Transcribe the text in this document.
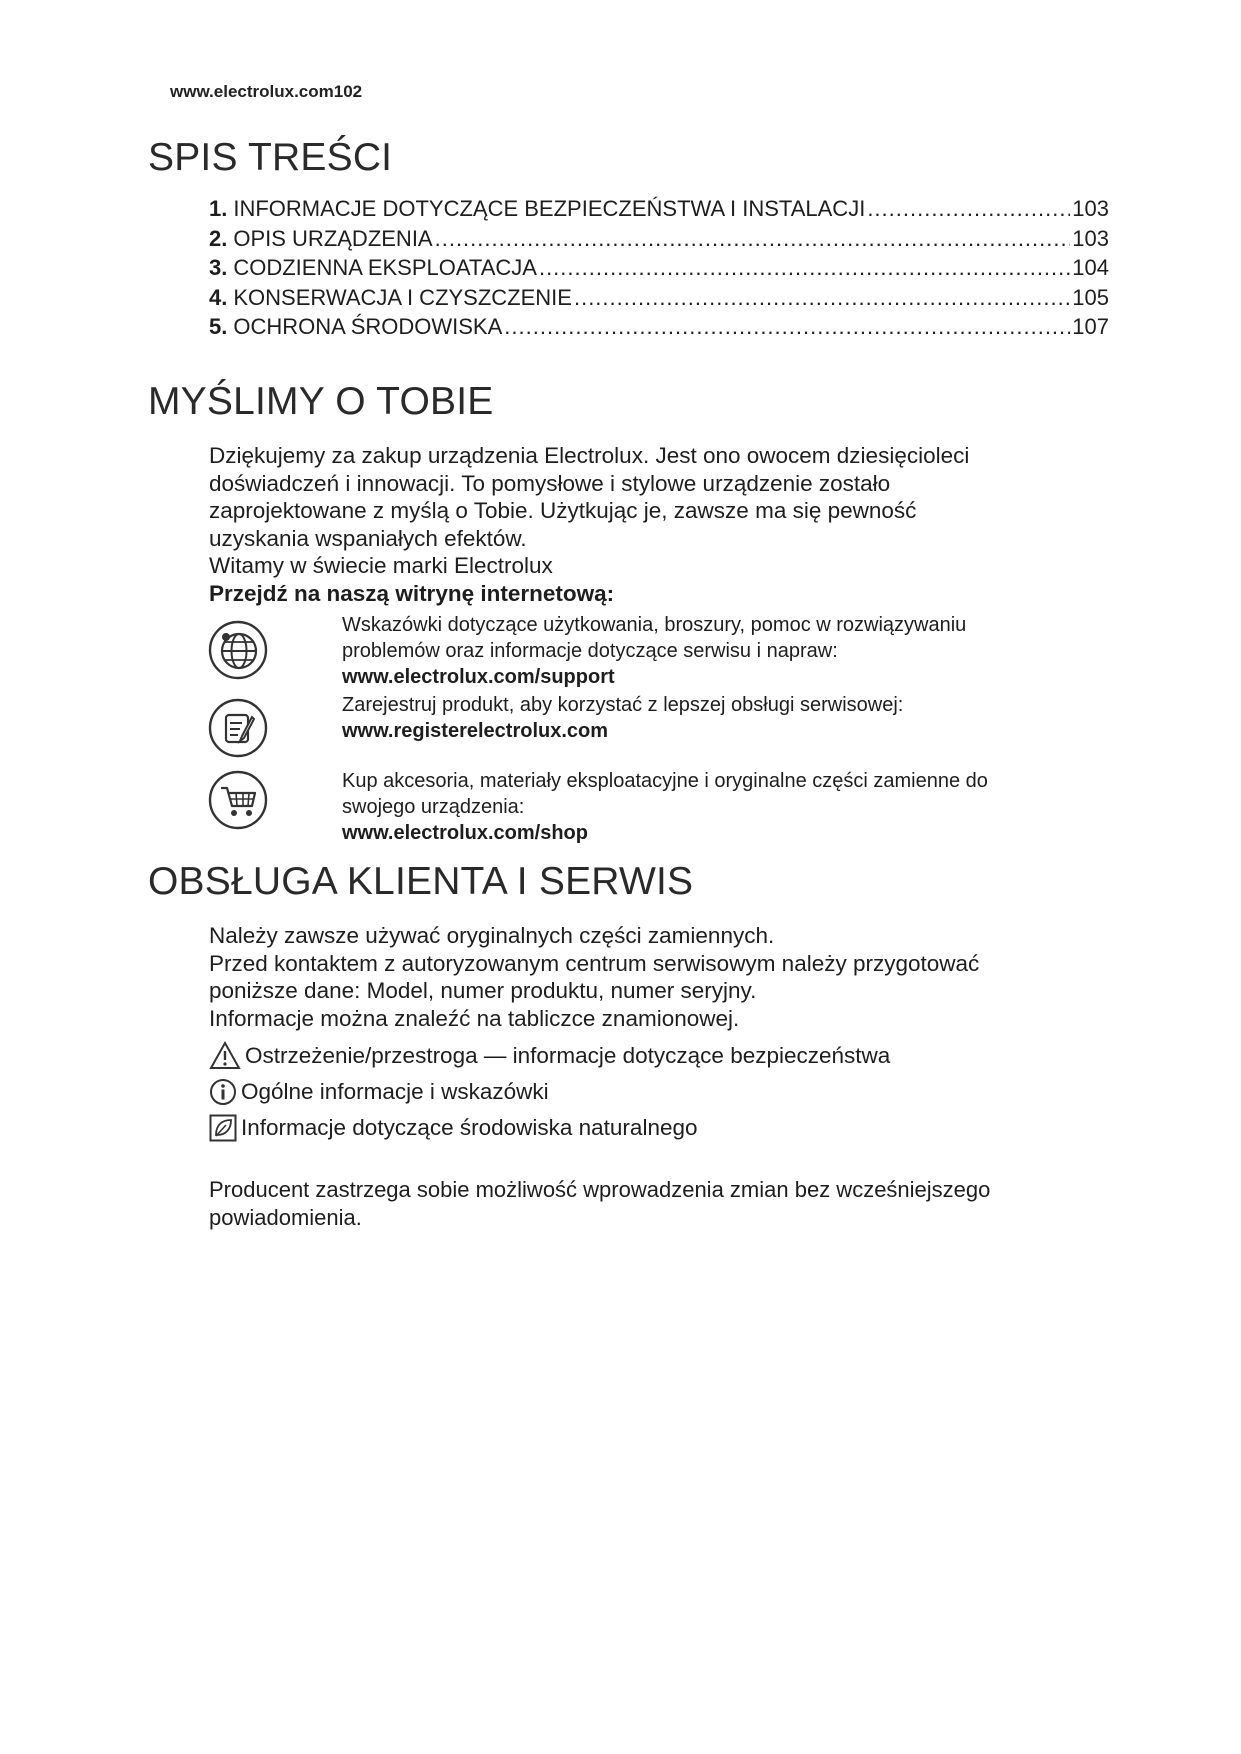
www.electrolux.com102
SPIS TREŚCI
1. INFORMACJE DOTYCZĄCE BEZPIECZEŃSTWA I INSTALACJI .....	103
2. OPIS URZĄDZENIA .....	103
3. CODZIENNA EKSPLOATACJA .....	104
4. KONSERWACJA I CZYSZCZENIE .....	105
5. OCHRONA ŚRODOWISKA .....	107
MYŚLIMY O TOBIE
Dziękujemy za zakup urządzenia Electrolux. Jest ono owocem dziesięcioleci
doświadczeń i innowacji. To pomysłowe i stylowe urządzenie zostało
zaprojektowane z myślą o Tobie. Użytkując je, zawsze ma się pewność
uzyskania wspaniałych efektów.
Witamy w świecie marki Electrolux
Przejdź na naszą witrynę internetową:
Wskazówki dotyczące użytkowania, broszury, pomoc w rozwiązywaniu
problemów oraz informacje dotyczące serwisu i napraw:
www.electrolux.com/support
Zarejestruj produkt, aby korzystać z lepszej obsługi serwisowej:
www.registerelectrolux.com
Kup akcesoria, materiały eksploatacyjne i oryginalne części zamienne do
swojego urządzenia:
www.electrolux.com/shop
OBSŁUGA KLIENTA I SERWIS
Należy zawsze używać oryginalnych części zamiennych.
Przed kontaktem z autoryzowanym centrum serwisowym należy przygotować
poniższe dane: Model, numer produktu, numer seryjny.
Informacje można znaleźć na tabliczce znamionowej.
Ostrzeżenie/przestroga — informacje dotyczące bezpieczeństwa
Ogólne informacje i wskazówki
Informacje dotyczące środowiska naturalnego
Producent zastrzega sobie możliwość wprowadzenia zmian bez wcześniejszego
powiadomienia.
